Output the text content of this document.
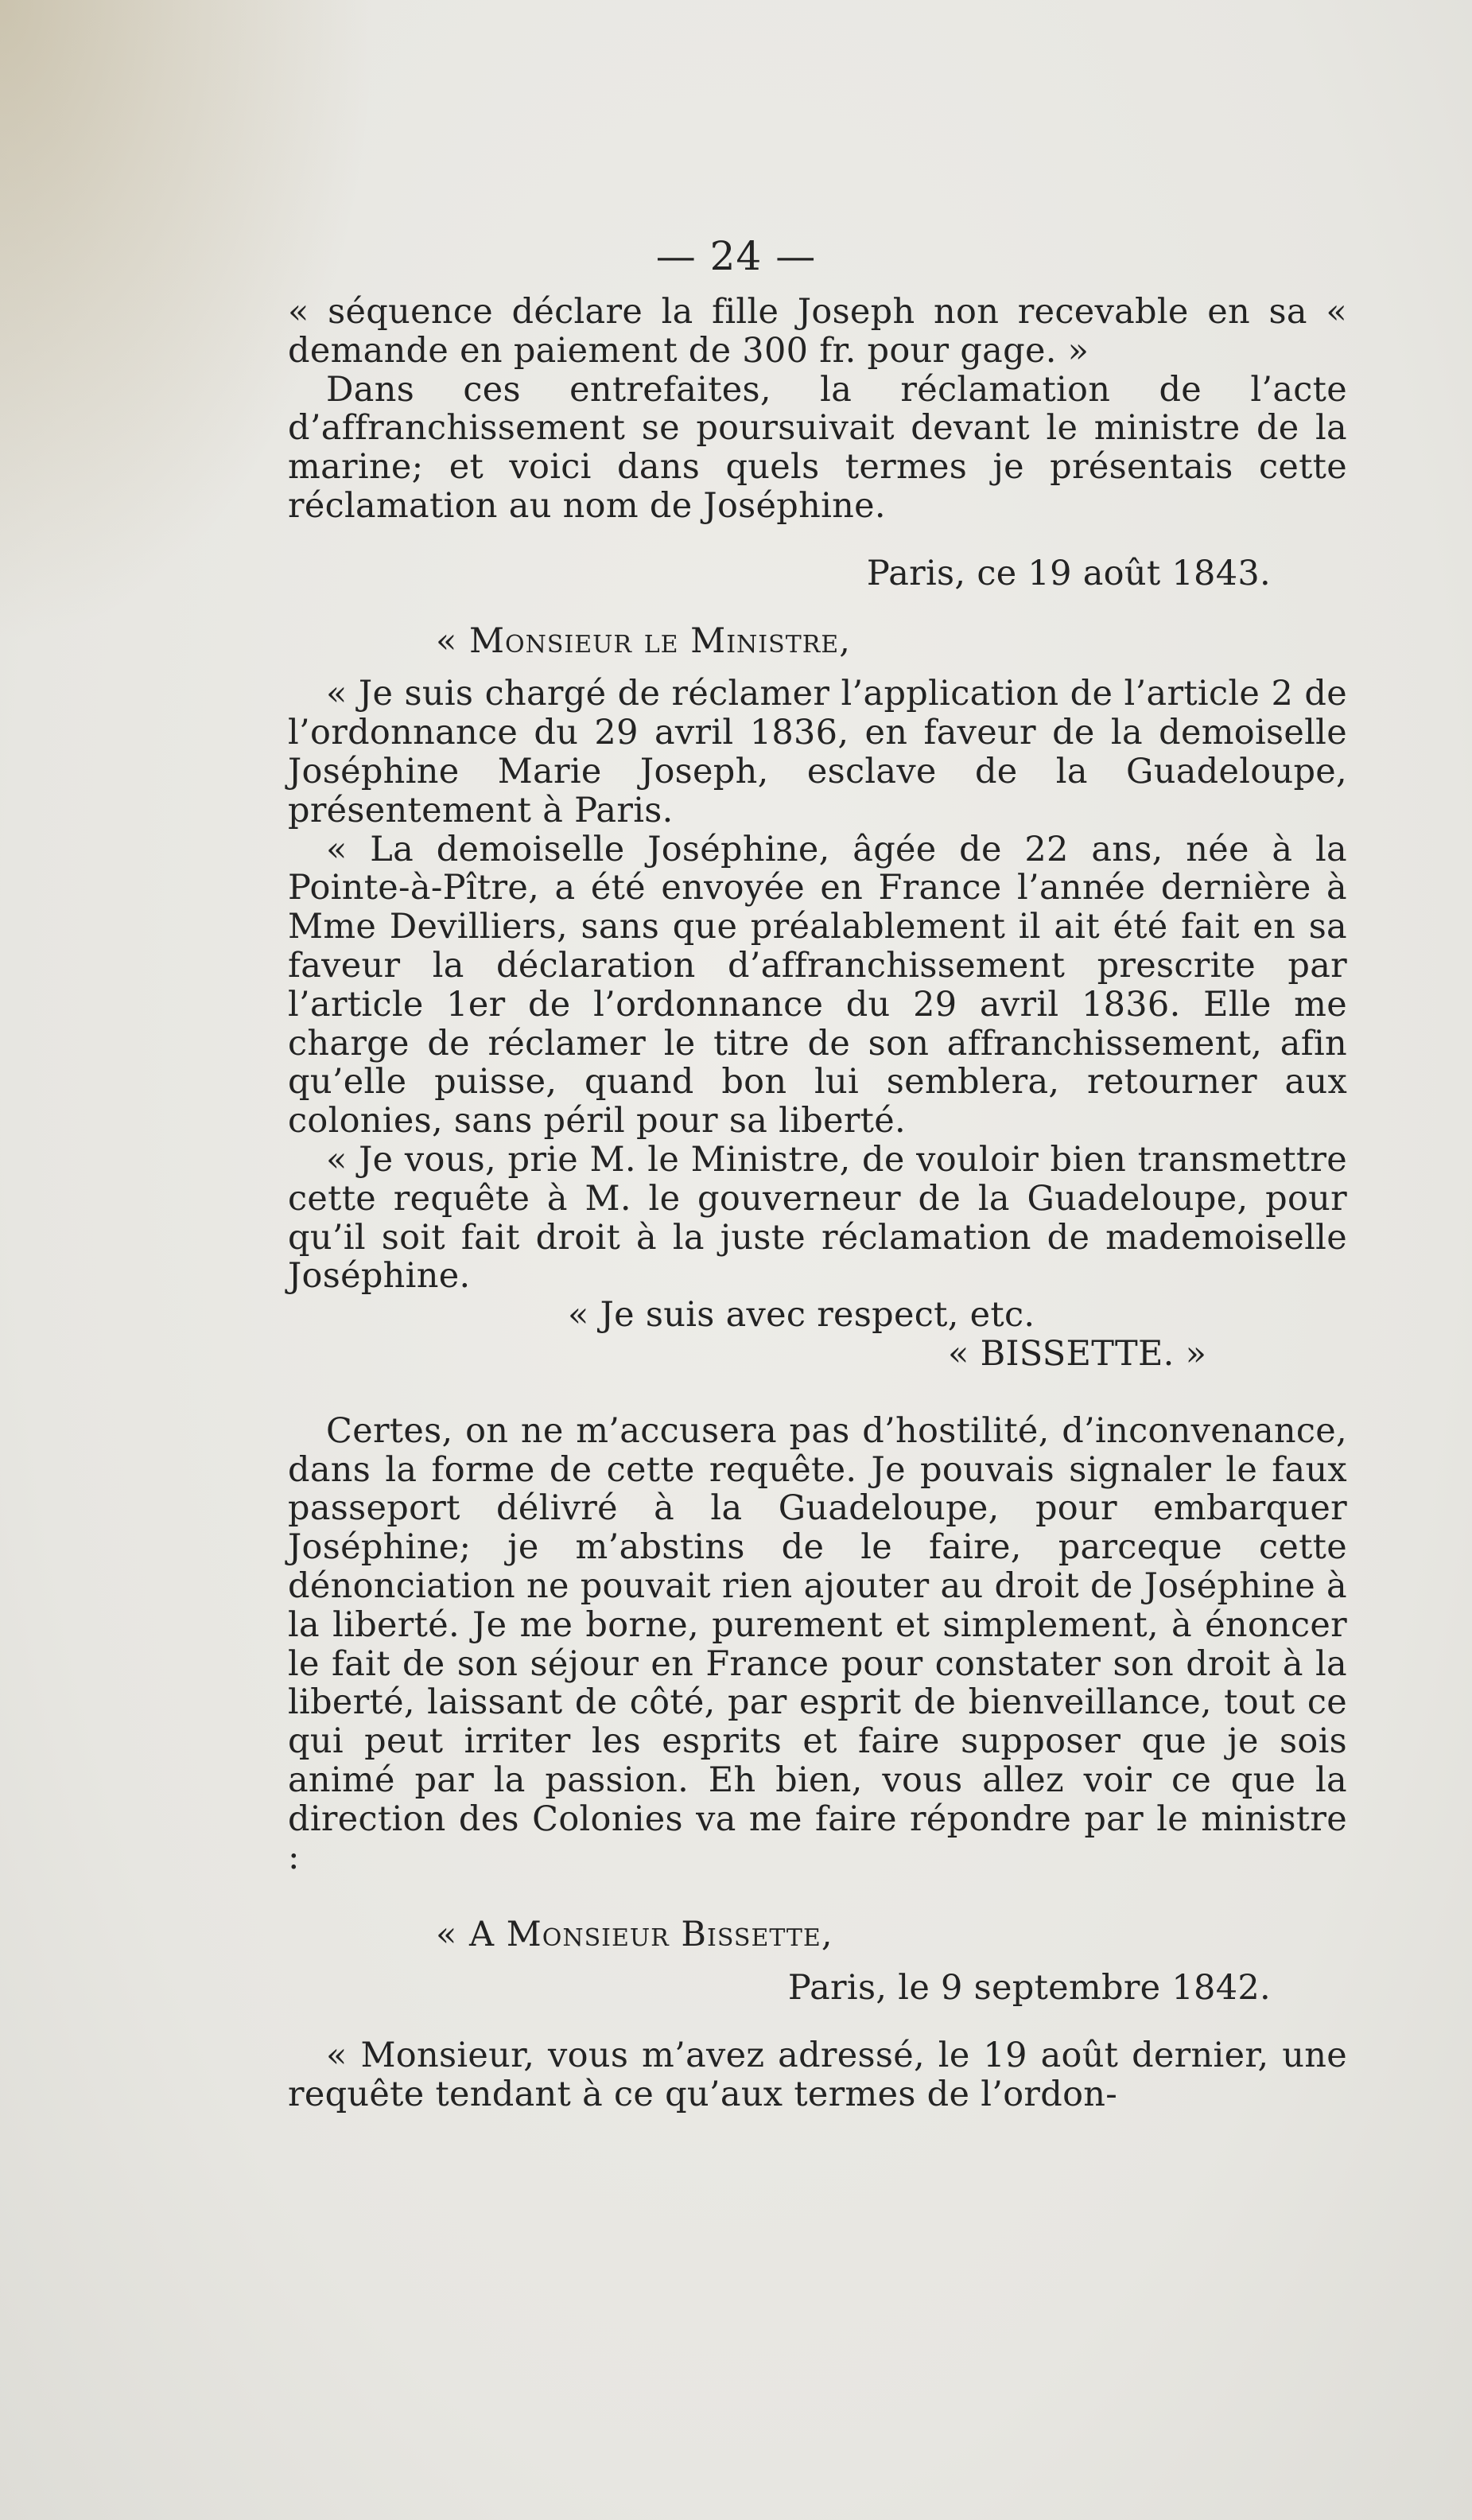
— 24 —

« séquence déclare la fille Joseph non recevable en sa « demande en paiement de 300 fr. pour gage. »

Dans ces entrefaites, la réclamation de l’acte d’affranchissement se poursuivait devant le ministre de la marine; et voici dans quels termes je présentais cette réclamation au nom de Joséphine.

Paris, ce 19 août 1843.

« Monsieur le Ministre,

« Je suis chargé de réclamer l’application de l’article 2 de l’ordonnance du 29 avril 1836, en faveur de la demoiselle Joséphine Marie Joseph, esclave de la Guadeloupe, présentement à Paris.

« La demoiselle Joséphine, âgée de 22 ans, née à la Pointe-à-Pître, a été envoyée en France l’année dernière à Mme Devilliers, sans que préalablement il ait été fait en sa faveur la déclaration d’affranchissement prescrite par l’article 1er de l’ordonnance du 29 avril 1836. Elle me charge de réclamer le titre de son affranchissement, afin qu’elle puisse, quand bon lui semblera, retourner aux colonies, sans péril pour sa liberté.

« Je vous, prie M. le Ministre, de vouloir bien transmettre cette requête à M. le gouverneur de la Guadeloupe, pour qu’il soit fait droit à la juste réclamation de mademoiselle Joséphine.

« Je suis avec respect, etc.

« BISSETTE. »

Certes, on ne m’accusera pas d’hostilité, d’inconvenance, dans la forme de cette requête. Je pouvais signaler le faux passeport délivré à la Guadeloupe, pour embarquer Joséphine; je m’abstins de le faire, parceque cette dénonciation ne pouvait rien ajouter au droit de Joséphine à la liberté. Je me borne, purement et simplement, à énoncer le fait de son séjour en France pour constater son droit à la liberté, laissant de côté, par esprit de bienveillance, tout ce qui peut irriter les esprits et faire supposer que je sois animé par la passion. Eh bien, vous allez voir ce que la direction des Colonies va me faire répondre par le ministre :

« A Monsieur Bissette,

Paris, le 9 septembre 1842.

« Monsieur, vous m’avez adressé, le 19 août dernier, une requête tendant à ce qu’aux termes de l’ordon-
